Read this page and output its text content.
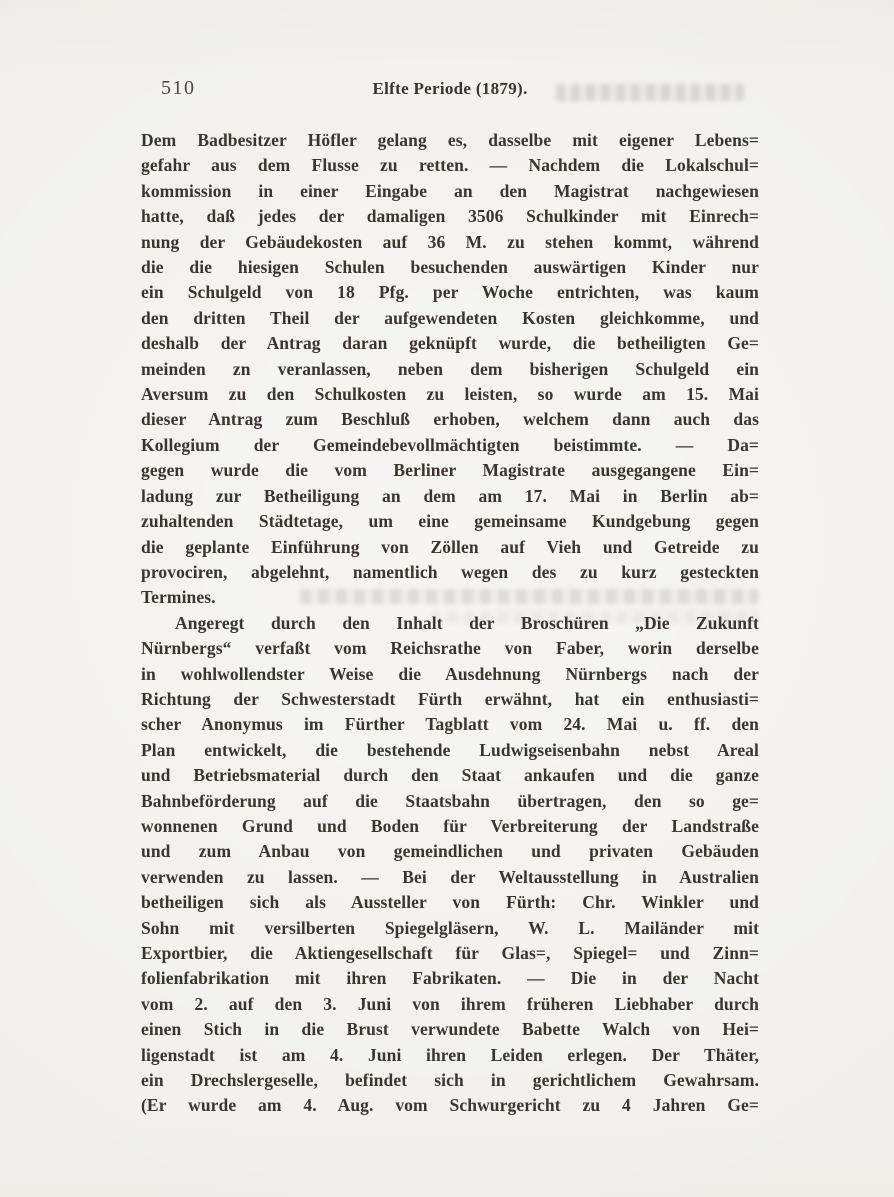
510	Elfte Periode (1879).
Dem Badbesitzer Höfler gelang es, dasselbe mit eigener Lebens=
gefahr aus dem Flusse zu retten. — Nachdem die Lokalschul=
kommission in einer Eingabe an den Magistrat nachgewiesen
hatte, daß jedes der damaligen 3506 Schulkinder mit Einrech=
nung der Gebäudekosten auf 36 M. zu stehen kommt, während
die die hiesigen Schulen besuchenden auswärtigen Kinder nur
ein Schulgeld von 18 Pfg. per Woche entrichten, was kaum
den dritten Theil der aufgewendeten Kosten gleichkomme, und
deshalb der Antrag daran geknüpft wurde, die betheiligten Ge=
meinden zn veranlassen, neben dem bisherigen Schulgeld ein
Aversum zu den Schulkosten zu leisten, so wurde am 15. Mai
dieser Antrag zum Beschluß erhoben, welchem dann auch das
Kollegium der Gemeindebevollmächtigten beistimmte. — Da=
gegen wurde die vom Berliner Magistrate ausgegangene Ein=
ladung zur Betheiligung an dem am 17. Mai in Berlin ab=
zuhaltenden Städtetage, um eine gemeinsame Kundgebung gegen
die geplante Einführung von Zöllen auf Vieh und Getreide zu
provociren, abgelehnt, namentlich wegen des zu kurz gesteckten
Termines.
Angeregt durch den Inhalt der Broschüren „Die Zukunft
Nürnbergs“ verfaßt vom Reichsrathe von Faber, worin derselbe
in wohlwollendster Weise die Ausdehnung Nürnbergs nach der
Richtung der Schwesterstadt Fürth erwähnt, hat ein enthusiasti=
scher Anonymus im Fürther Tagblatt vom 24. Mai u. ff. den
Plan entwickelt, die bestehende Ludwigseisenbahn nebst Areal
und Betriebsmaterial durch den Staat ankaufen und die ganze
Bahnbeförderung auf die Staatsbahn übertragen, den so ge=
wonnenen Grund und Boden für Verbreiterung der Landstraße
und zum Anbau von gemeindlichen und privaten Gebäuden
verwenden zu lassen. — Bei der Weltausstellung in Australien
betheiligen sich als Aussteller von Fürth: Chr. Winkler und
Sohn mit versilberten Spiegelgläsern, W. L. Mailänder mit
Exportbier, die Aktiengesellschaft für Glas=, Spiegel= und Zinn=
folienfabrikation mit ihren Fabrikaten. — Die in der Nacht
vom 2. auf den 3. Juni von ihrem früheren Liebhaber durch
einen Stich in die Brust verwundete Babette Walch von Hei=
ligenstadt ist am 4. Juni ihren Leiden erlegen. Der Thäter,
ein Drechslergeselle, befindet sich in gerichtlichem Gewahrsam.
(Er wurde am 4. Aug. vom Schwurgericht zu 4 Jahren Ge=
